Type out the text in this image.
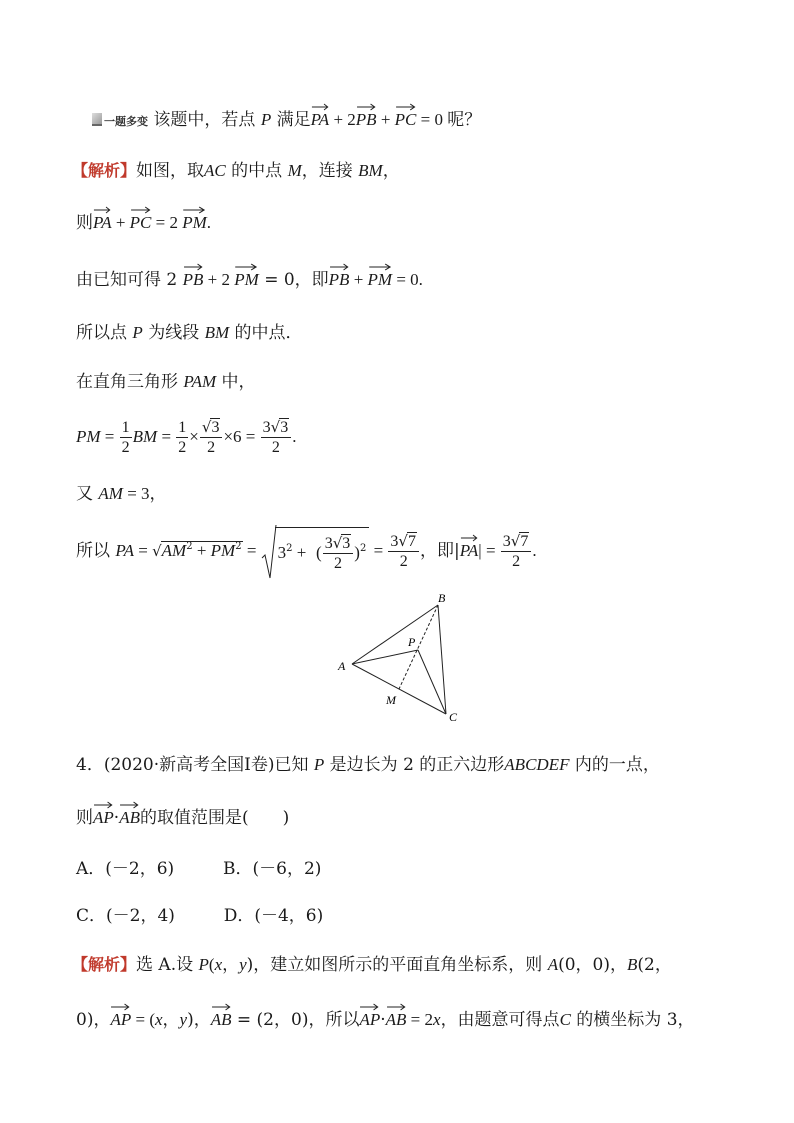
一题多变 该题中，若点 P 满足
PA + 2
PB +
PC = 0 呢？
【解析】如图，取AC 的中点 M，连接 BM，
则
PA +
PC = 2
PM.
由已知可得 2
PB + 2
PM = 0，即
PB +
PM = 0.
所以点 P 为线段 BM 的中点．
在直角三角形 PAM 中，
PM = $\frac{1}{2}$ BM = $\frac{1}{2} \times \frac{√3}{2} \times 6 = \frac{3√3}{2}$ .
又 AM = 3，
所以 PA = $√AM^2 + PM^2 = 3^2$ +  ( $\frac{3√3}{2} )^2 = \frac{3√7}{2}$ ，即|
$PA| = \frac{3√7}{2}$ .
A
B
C
P
M
4．(2020·新高考全国Ⅰ卷)已知 P 是边长为 2 的正六边形ABCDEF 内的一点，
则
AP·
AB的取值范围是(　　)
A．(－2，6)	B．(－6，2)
C．(－2，4)	D．(－4，6)
【解析】选 A.设 P(x，y)，建立如图所示的平面直角坐标系，则 A(0，0)，B(2，
0)，
AP = (x，y)，
AB = (2，0)，所以
AP·
AB = 2x，由题意可得点C 的横坐标为 3，
